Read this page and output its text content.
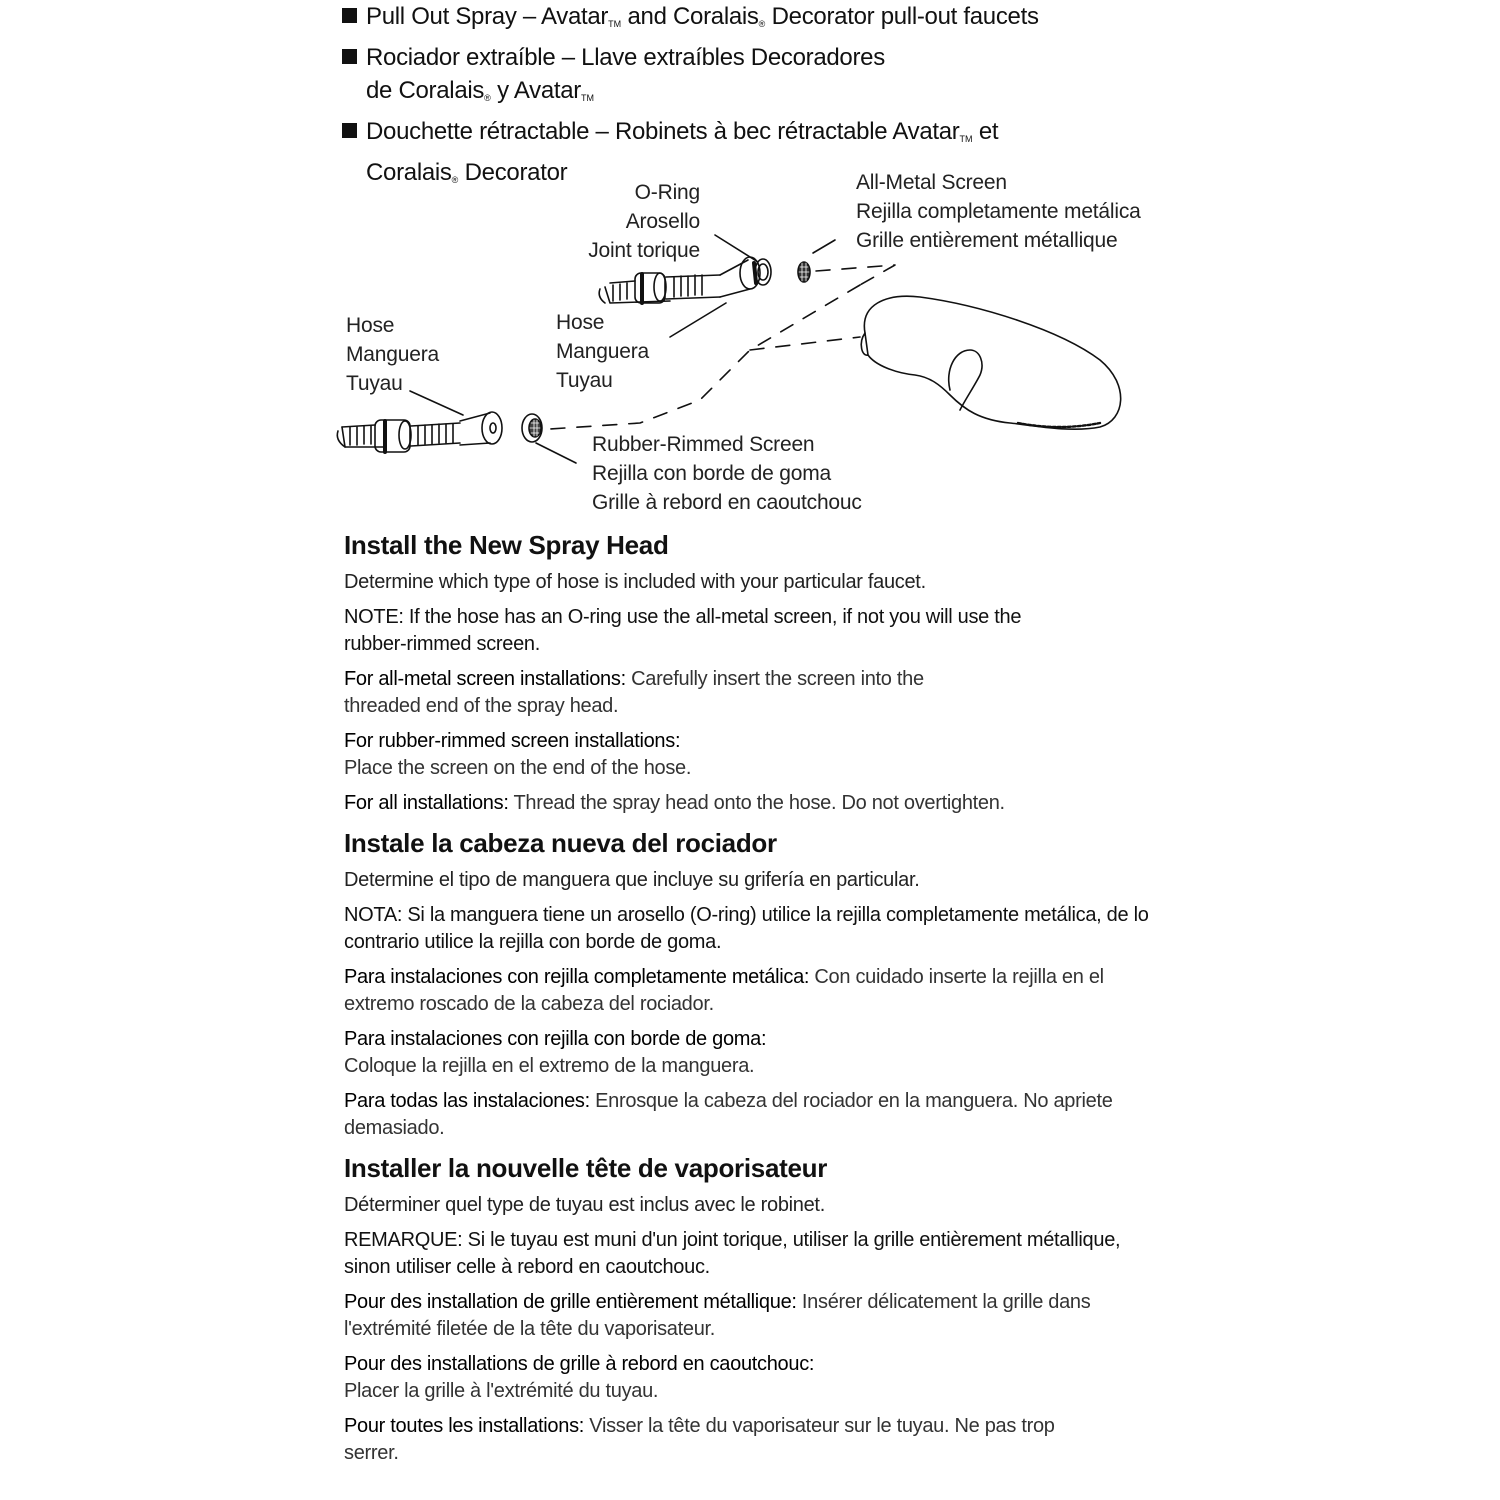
Pull Out Spray – Avatar$_{TM}$ and Coralais$_®$ Decorator pull-out faucets
Rociador extraíble – Llave extraíbles Decoradores
de Coralais$_®$ y Avatar$_{TM}$
Douchette rétractable – Robinets à bec rétractable Avatar$_{TM}$ et
Coralais$_®$ Decorator
O-Ring
Arosello
Joint torique
All-Metal Screen
Rejilla completamente metálica
Grille entièrement métallique
Hose
Manguera
Tuyau
Hose
Manguera
Tuyau
Rubber-Rimmed Screen
Rejilla con borde de goma
Grille à rebord en caoutchouc
Install the New Spray Head

Determine which type of hose is included with your particular faucet.

NOTE: If the hose has an O-ring use the all-metal screen, if not you will use the rubber-rimmed screen.

For all-metal screen installations: Carefully insert the screen into the threaded end of the spray head.

For rubber-rimmed screen installations:
Place the screen on the end of the hose.

For all installations: Thread the spray head onto the hose. Do not overtighten.

Instale la cabeza nueva del rociador

Determine el tipo de manguera que incluye su grifería en particular.

NOTA: Si la manguera tiene un arosello (O-ring) utilice la rejilla completamente metálica, de lo contrario utilice la rejilla con borde de goma.

Para instalaciones con rejilla completamente metálica: Con cuidado inserte la rejilla en el extremo roscado de la cabeza del rociador.

Para instalaciones con rejilla con borde de goma:
Coloque la rejilla en el extremo de la manguera.

Para todas las instalaciones: Enrosque la cabeza del rociador en la manguera. No apriete demasiado.

Installer la nouvelle tête de vaporisateur

Déterminer quel type de tuyau est inclus avec le robinet.

REMARQUE: Si le tuyau est muni d'un joint torique, utiliser la grille entièrement métallique, sinon utiliser celle à rebord en caoutchouc.

Pour des installation de grille entièrement métallique: Insérer délicatement la grille dans l'extrémité filetée de la tête du vaporisateur.

Pour des installations de grille à rebord en caoutchouc:
Placer la grille à l'extrémité du tuyau.

Pour toutes les installations: Visser la tête du vaporisateur sur le tuyau. Ne pas trop serrer.
